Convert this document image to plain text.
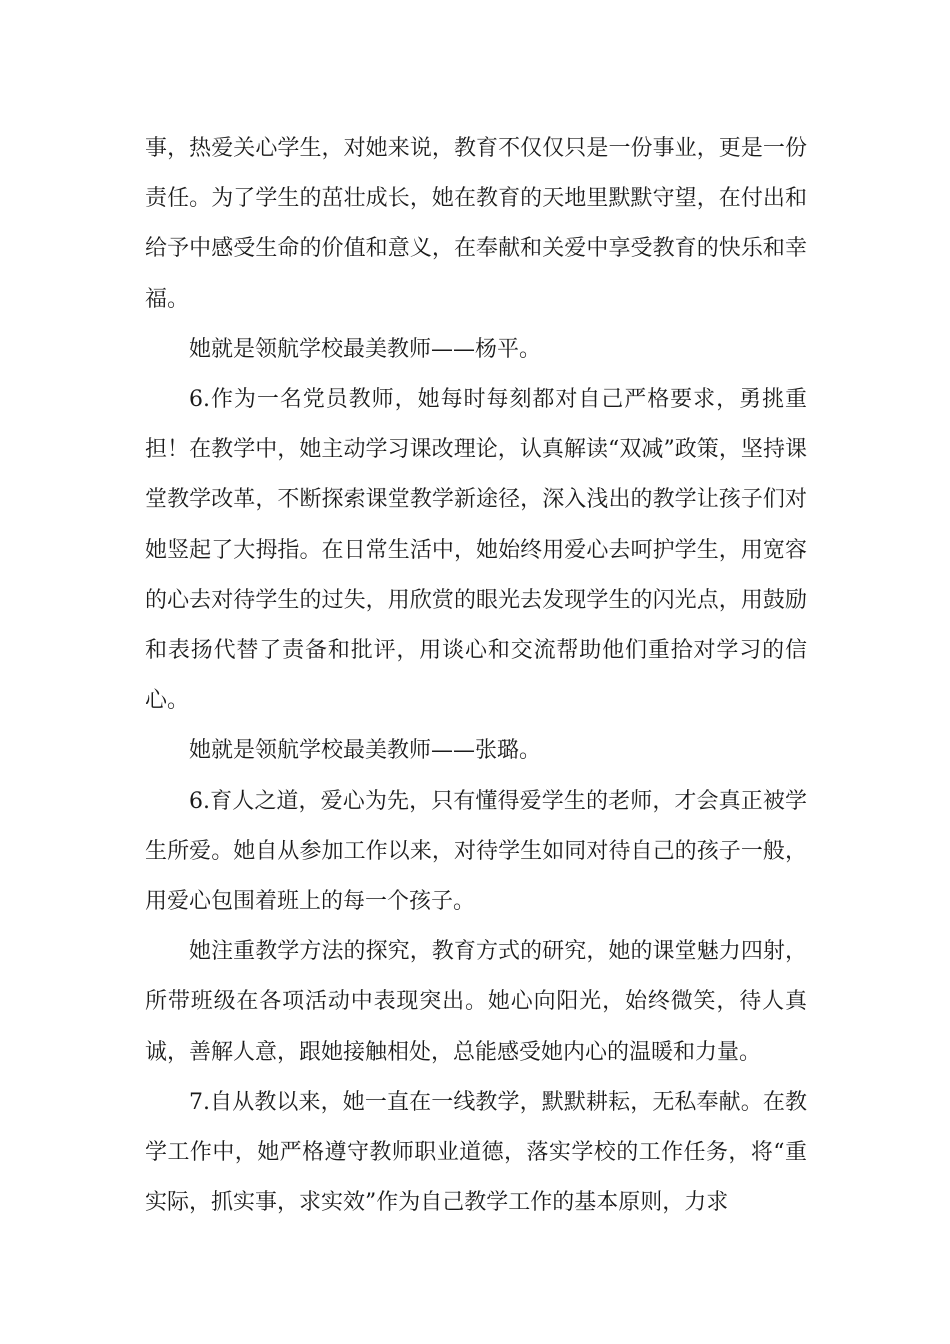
事，热爱关心学生，对她来说，教育不仅仅只是一份事业，更是一份责任。为了学生的茁壮成长，她在教育的天地里默默守望，在付出和给予中感受生命的价值和意义，在奉献和关爱中享受教育的快乐和幸福。

她就是领航学校最美教师——杨平。

6.作为一名党员教师，她每时每刻都对自己严格要求，勇挑重担！在教学中，她主动学习课改理论，认真解读“双减”政策，坚持课堂教学改革，不断探索课堂教学新途径，深入浅出的教学让孩子们对她竖起了大拇指。在日常生活中，她始终用爱心去呵护学生，用宽容的心去对待学生的过失，用欣赏的眼光去发现学生的闪光点，用鼓励和表扬代替了责备和批评，用谈心和交流帮助他们重拾对学习的信心。

她就是领航学校最美教师——张璐。

6.育人之道，爱心为先，只有懂得爱学生的老师，才会真正被学生所爱。她自从参加工作以来，对待学生如同对待自己的孩子一般，用爱心包围着班上的每一个孩子。

她注重教学方法的探究，教育方式的研究，她的课堂魅力四射，所带班级在各项活动中表现突出。她心向阳光，始终微笑，待人真诚，善解人意，跟她接触相处，总能感受她内心的温暖和力量。

7.自从教以来，她一直在一线教学，默默耕耘，无私奉献。在教学工作中，她严格遵守教师职业道德，落实学校的工作任务，将“重实际，抓实事，求实效”作为自己教学工作的基本原则，力求
